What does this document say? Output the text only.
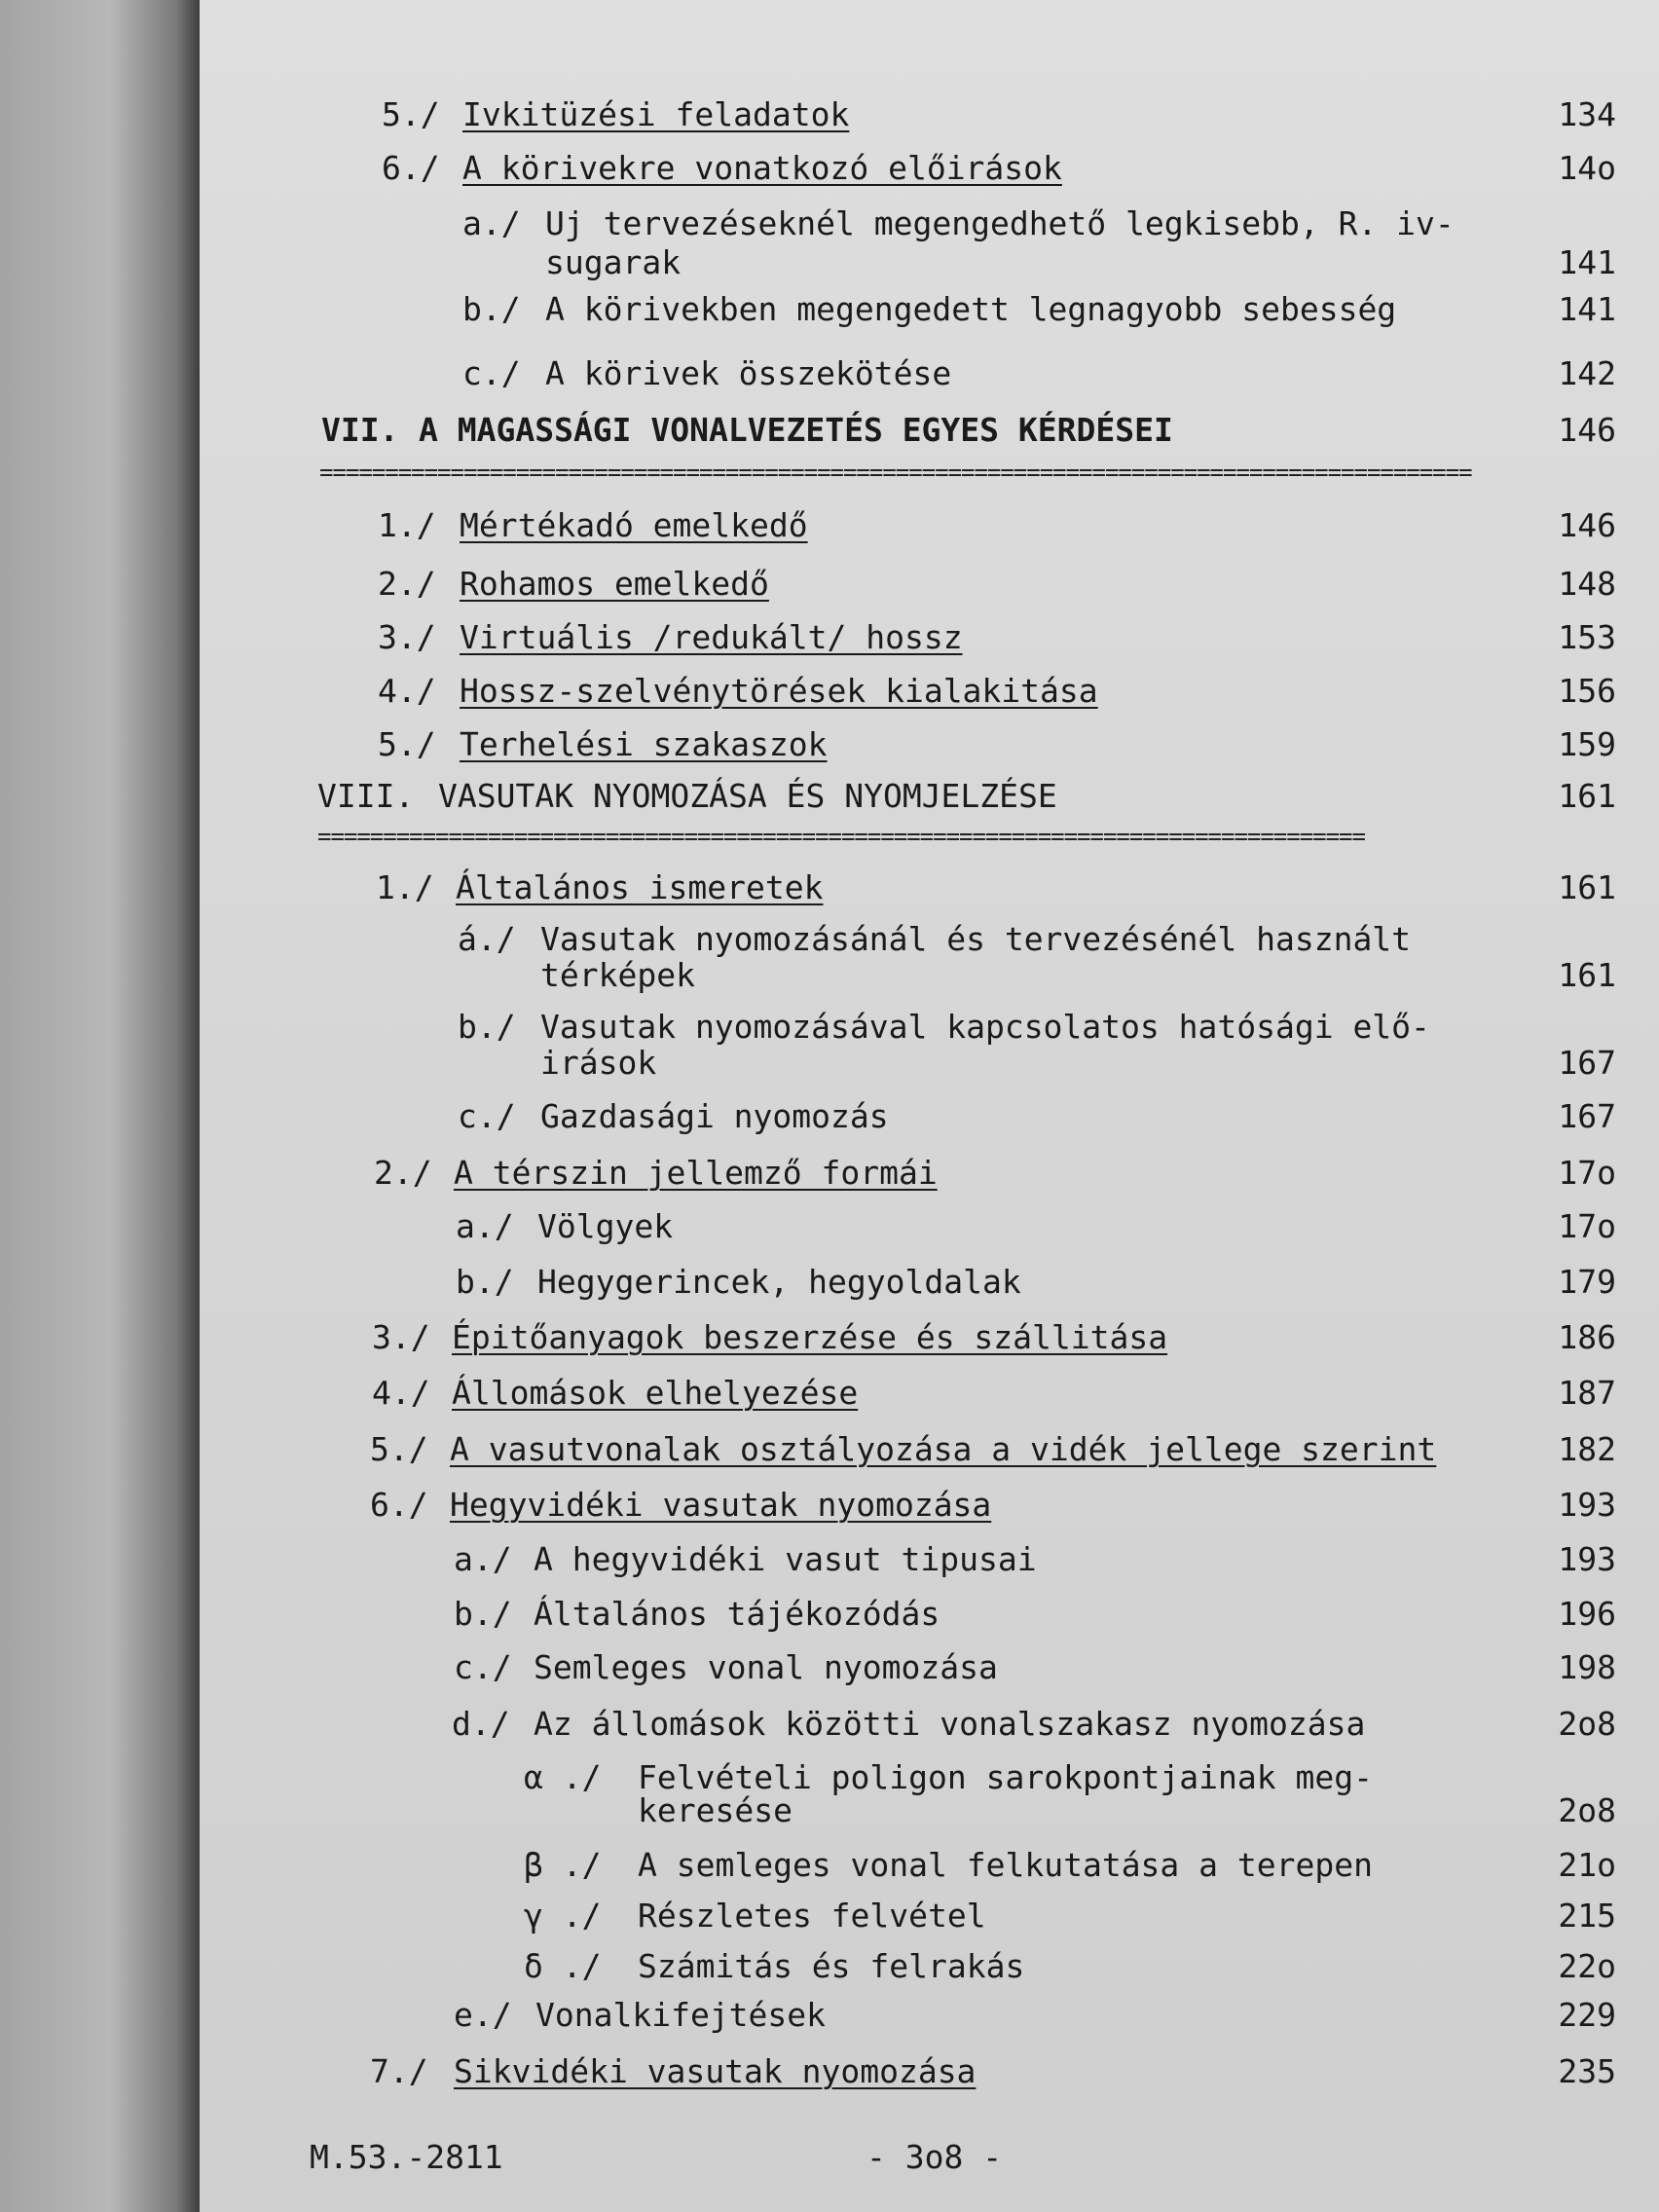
5./ Ivkitüzési feladatok	134
6./ A körivekre vonatkozó előirások	14o
a./ Uj tervezéseknél megengedhető legkisebb, R. iv-
sugarak	141
b./ A körivekben megengedett legnagyobb sebesség	141
c./ A körivek összekötése	142
VII. A MAGASSÁGI VONALVEZETÉS EGYES KÉRDÉSEI	146
========================================================================================
1./ Mértékadó emelkedő	146
2./ Rohamos emelkedő	148
3./ Virtuális /redukált/ hossz	153
4./ Hossz-szelvénytörések kialakitása	156
5./ Terhelési szakaszok	159
VIII. VASUTAK NYOMOZÁSA ÉS NYOMJELZÉSE	161
================================================================================
1./ Általános ismeretek	161
á./ Vasutak nyomozásánál és tervezésénél használt
térképek	161
b./ Vasutak nyomozásával kapcsolatos hatósági elő-
irások	167
c./ Gazdasági nyomozás	167
2./ A térszin jellemző formái	17o
a./ Völgyek	17o
b./ Hegygerincek, hegyoldalak	179
3./ Épitőanyagok beszerzése és szállitása	186
4./ Állomások elhelyezése	187
5./ A vasutvonalak osztályozása a vidék jellege szerint	182
6./ Hegyvidéki vasutak nyomozása	193
a./ A hegyvidéki vasut tipusai	193
b./ Általános tájékozódás	196
c./ Semleges vonal nyomozása	198
d./ Az állomások közötti vonalszakasz nyomozása	2o8
α ./ Felvételi poligon sarokpontjainak meg-
keresése	2o8
β ./ A semleges vonal felkutatása a terepen	21o
γ ./ Részletes felvétel	215
δ ./ Számitás és felrakás	22o
e./ Vonalkifejtések	229
7./ Sikvidéki vasutak nyomozása	235
M.53.-2811	- 3o8 -
